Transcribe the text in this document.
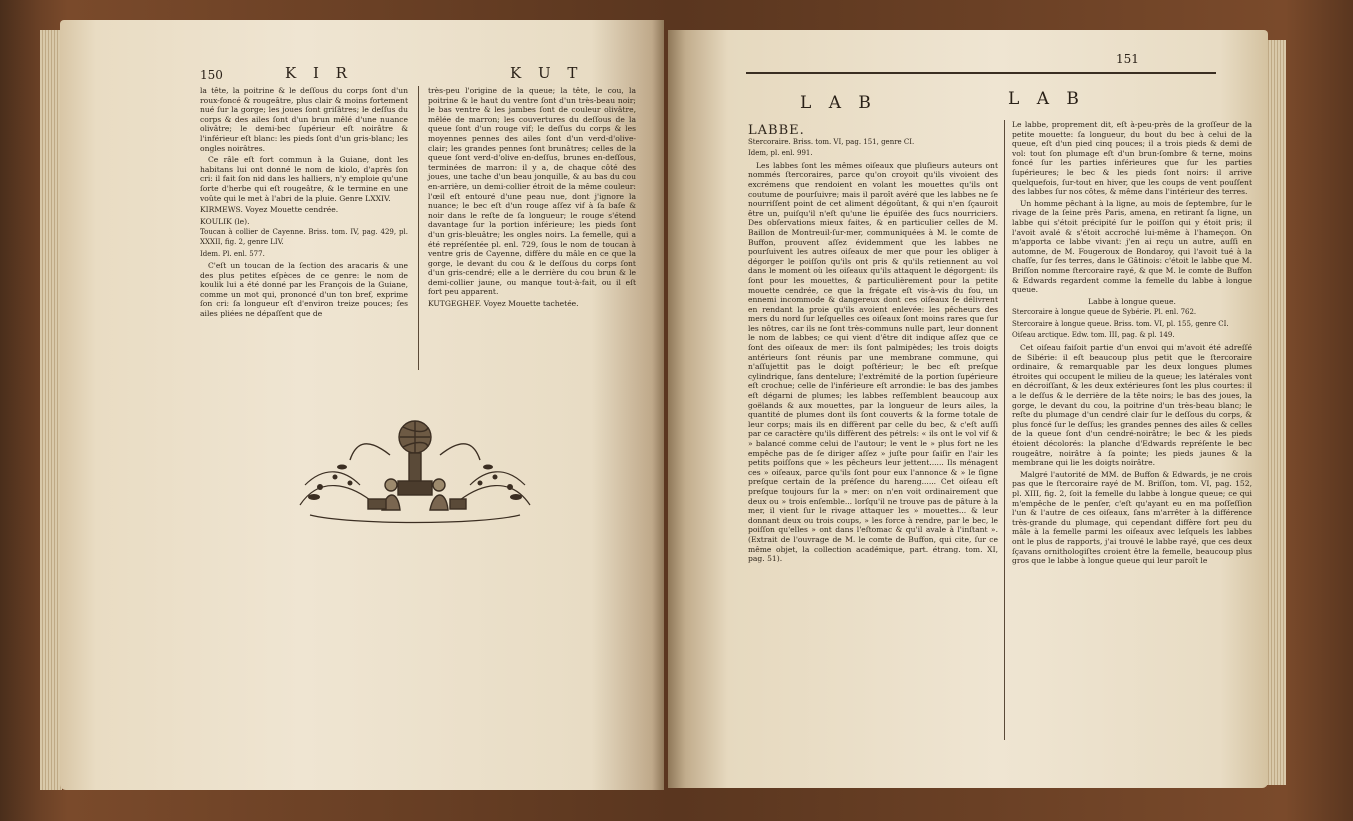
150	K I R	K U T

la tête, la poitrine & le deſſous du corps ſont d'un roux-foncé & rougeâtre, plus clair & moins fortement nué ſur la gorge; les joues ſont griſâtres; le deſſus du corps & des ailes ſont d'un brun mêlé d'une nuance olivâtre; le demi-bec ſupérieur eſt noirâtre & l'inférieur eſt blanc: les pieds ſont d'un gris-blanc; les ongles noirâtres.

Ce râle eſt fort commun à la Guiane, dont les habitans lui ont donné le nom de kiolo, d'après ſon cri: il fait ſon nid dans les halliers, n'y emploie qu'une ſorte d'herbe qui eſt rougeâtre, & le termine en une voûte qui le met à l'abri de la pluie. Genre LXXIV.

KIRMEWS. Voyez Mouette cendrée.

KOULIK (le).

Toucan à collier de Cayenne. Briss. tom. IV, pag. 429, pl. XXXII, fig. 2, genre LIV.

Idem. Pl. enl. 577.

C'eſt un toucan de la ſection des aracaris & une des plus petites eſpèces de ce genre: le nom de koulik lui a été donné par les François de la Guiane, comme un mot qui, prononcé d'un ton bref, exprime ſon cri: ſa longueur eſt d'environ treize pouces; ſes ailes pliées ne dépaſſent que de

très-peu l'origine de la queue; la tête, le cou, la poitrine & le haut du ventre ſont d'un très-beau noir; le bas ventre & les jambes ſont de couleur olivâtre, mêlée de marron; les couvertures du deſſous de la queue ſont d'un rouge vif; le deſſus du corps & les moyennes pennes des ailes ſont d'un verd-d'olive-clair; les grandes pennes ſont brunâtres; celles de la queue ſont verd-d'olive en-deſſus, brunes en-deſſous, terminées de marron: il y a, de chaque côté des joues, une tache d'un beau jonquille, & au bas du cou en-arrière, un demi-collier étroit de la même couleur: l'œil eſt entouré d'une peau nue, dont j'ignore la nuance; le bec eſt d'un rouge aſſez vif à ſa baſe & noir dans le reſte de ſa longueur; le rouge s'étend davantage ſur la portion inférieure; les pieds ſont d'un gris-bleuâtre; les ongles noirs. La femelle, qui a été repréſentée pl. enl. 729, ſous le nom de toucan à ventre gris de Cayenne, diffère du mâle en ce que la gorge, le devant du cou & le deſſous du corps ſont d'un gris-cendré; elle a le derrière du cou brun & le demi-collier jaune, ou manque tout-à-fait, ou il eſt fort peu apparent.

KUTGEGHEF. Voyez Mouette tachetée.

151
L A B	L A B

LABBE.

Stercoraire. Briss. tom. VI, pag. 151, genre CI.

Idem, pl. enl. 991.

Les labbes ſont les mêmes oiſeaux que pluſieurs auteurs ont nommés ſtercoraires, parce qu'on croyoit qu'ils vivoient des excrémens que rendoient en volant les mouettes qu'ils ont coutume de pourſuivre; mais il paroît avéré que les labbes ne ſe nourriſſent point de cet aliment dégoûtant, & qui n'en ſçauroit être un, puiſqu'il n'eſt qu'une lie épuiſée des ſucs nourriciers. Des obſervations mieux faites, & en particulier celles de M. Baillon de Montreuil-ſur-mer, communiquées à M. le comte de Buffon, prouvent aſſez évidemment que les labbes ne pourſuivent les autres oiſeaux de mer que pour les obliger à dégorger le poiſſon qu'ils ont pris & qu'ils retiennent au vol dans le moment où les oiſeaux qu'ils attaquent le dégorgent: ils ſont pour les mouettes, & particulièrement pour la petite mouette cendrée, ce que la frégate eſt vis-à-vis du fou, un ennemi incommode & dangereux dont ces oiſeaux ſe délivrent en rendant la proie qu'ils avoient enlevée: les pêcheurs des mers du nord ſur leſquelles ces oiſeaux ſont moins rares que ſur les nôtres, car ils ne ſont très-communs nulle part, leur donnent le nom de labbes; ce qui vient d'être dit indique aſſez que ce ſont des oiſeaux de mer: ils ſont palmipèdes; les trois doigts antérieurs ſont réunis par une membrane commune, qui n'aſſujettit pas le doigt poſtérieur; le bec eſt preſque cylindrique, ſans dentelure; l'extrémité de la portion ſupérieure eſt crochue; celle de l'inférieure eſt arrondie: le bas des jambes eſt dégarni de plumes; les labbes reſſemblent beaucoup aux goëlands & aux mouettes, par la longueur de leurs ailes, la quantité de plumes dont ils ſont couverts & la forme totale de leur corps; mais ils en diffèrent par celle du bec, & c'eſt auſſi par ce caractère qu'ils diffèrent des pétrels: « ils ont le vol vif & » balancé comme celui de l'autour; le vent le » plus fort ne les empêche pas de ſe diriger aſſez » juſte pour ſaiſir en l'air les petits poiſſons que » les pêcheurs leur jettent...... Ils ménagent ces » oiſeaux, parce qu'ils ſont pour eux l'annonce & » le ſigne preſque certain de la préſence du hareng...... Cet oiſeau eſt preſque toujours ſur la » mer: on n'en voit ordinairement que deux ou » trois enſemble... lorſqu'il ne trouve pas de pâture à la mer, il vient ſur le rivage attaquer les » mouettes... & leur donnant deux ou trois coups, » les force à rendre, par le bec, le poiſſon qu'elles » ont dans l'eſtomac & qu'il avale à l'inſtant ». (Extrait de l'ouvrage de M. le comte de Buffon, qui cite, ſur ce même objet, la collection académique, part. étrang. tom. XI, pag. 51).

Le labbe, proprement dit, eſt à-peu-près de la groſſeur de la petite mouette: ſa longueur, du bout du bec à celui de la queue, eſt d'un pied cinq pouces; il a trois pieds & demi de vol: tout ſon plumage eſt d'un brun-ſombre & terne, moins foncé ſur les parties inférieures que ſur les parties ſupérieures; le bec & les pieds ſont noirs: il arrive quelquefois, ſur-tout en hiver, que les coups de vent pouſſent des labbes ſur nos côtes, & même dans l'intérieur des terres.

Un homme pêchant à la ligne, au mois de ſeptembre, ſur le rivage de la ſeine près Paris, amena, en retirant ſa ligne, un labbe qui s'étoit précipité ſur le poiſſon qui y étoit pris; il l'avoit avalé & s'étoit accroché lui-même à l'hameçon. On m'apporta ce labbe vivant: j'en ai reçu un autre, auſſi en automne, de M. Fougeroux de Bondaroy, qui l'avoit tué à la chaſſe, ſur ſes terres, dans le Gâtinois: c'étoit le labbe que M. Briſſon nomme ſtercoraire rayé, & que M. le comte de Buffon & Edwards regardent comme la femelle du labbe à longue queue.

Labbe à longue queue.

Stercoraire à longue queue de Sybérie. Pl. enl. 762.

Stercoraire à longue queue. Briss. tom. VI, pl. 155, genre CI.

Oiſeau arctique. Edw. tom. III, pag. & pl. 149.

Cet oiſeau faiſoit partie d'un envoi qui m'avoit été adreſſé de Sibérie: il eſt beaucoup plus petit que le ſtercoraire ordinaire, & remarquable par les deux longues plumes étroites qui occupent le milieu de la queue; les latérales vont en décroiſſant, & les deux extérieures ſont les plus courtes: il a le deſſus & le derrière de la tête noirs; le bas des joues, la gorge, le devant du cou, la poitrine d'un très-beau blanc; le reſte du plumage d'un cendré clair ſur le deſſous du corps, & plus foncé ſur le deſſus; les grandes pennes des ailes & celles de la queue ſont d'un cendré-noirâtre; le bec & les pieds étoient décolorés: la planche d'Edwards repréſente le bec rougeâtre, noirâtre à ſa pointe; les pieds jaunes & la membrane qui lie les doigts noirâtre.

Malgré l'autorité de MM. de Buffon & Edwards, je ne crois pas que le ſtercoraire rayé de M. Briſſon, tom. VI, pag. 152, pl. XIII, fig. 2, ſoit la femelle du labbe à longue queue; ce qui m'empêche de le penſer, c'eſt qu'ayant eu en ma poſſeſſion l'un & l'autre de ces oiſeaux, ſans m'arrêter à la différence très-grande du plumage, qui cependant diffère fort peu du mâle à la femelle parmi les oiſeaux avec leſquels les labbes ont le plus de rapports, j'ai trouvé le labbe rayé, que ces deux ſçavans ornithologiſtes croient être la femelle, beaucoup plus gros que le labbe à longue queue qui leur paroît le
